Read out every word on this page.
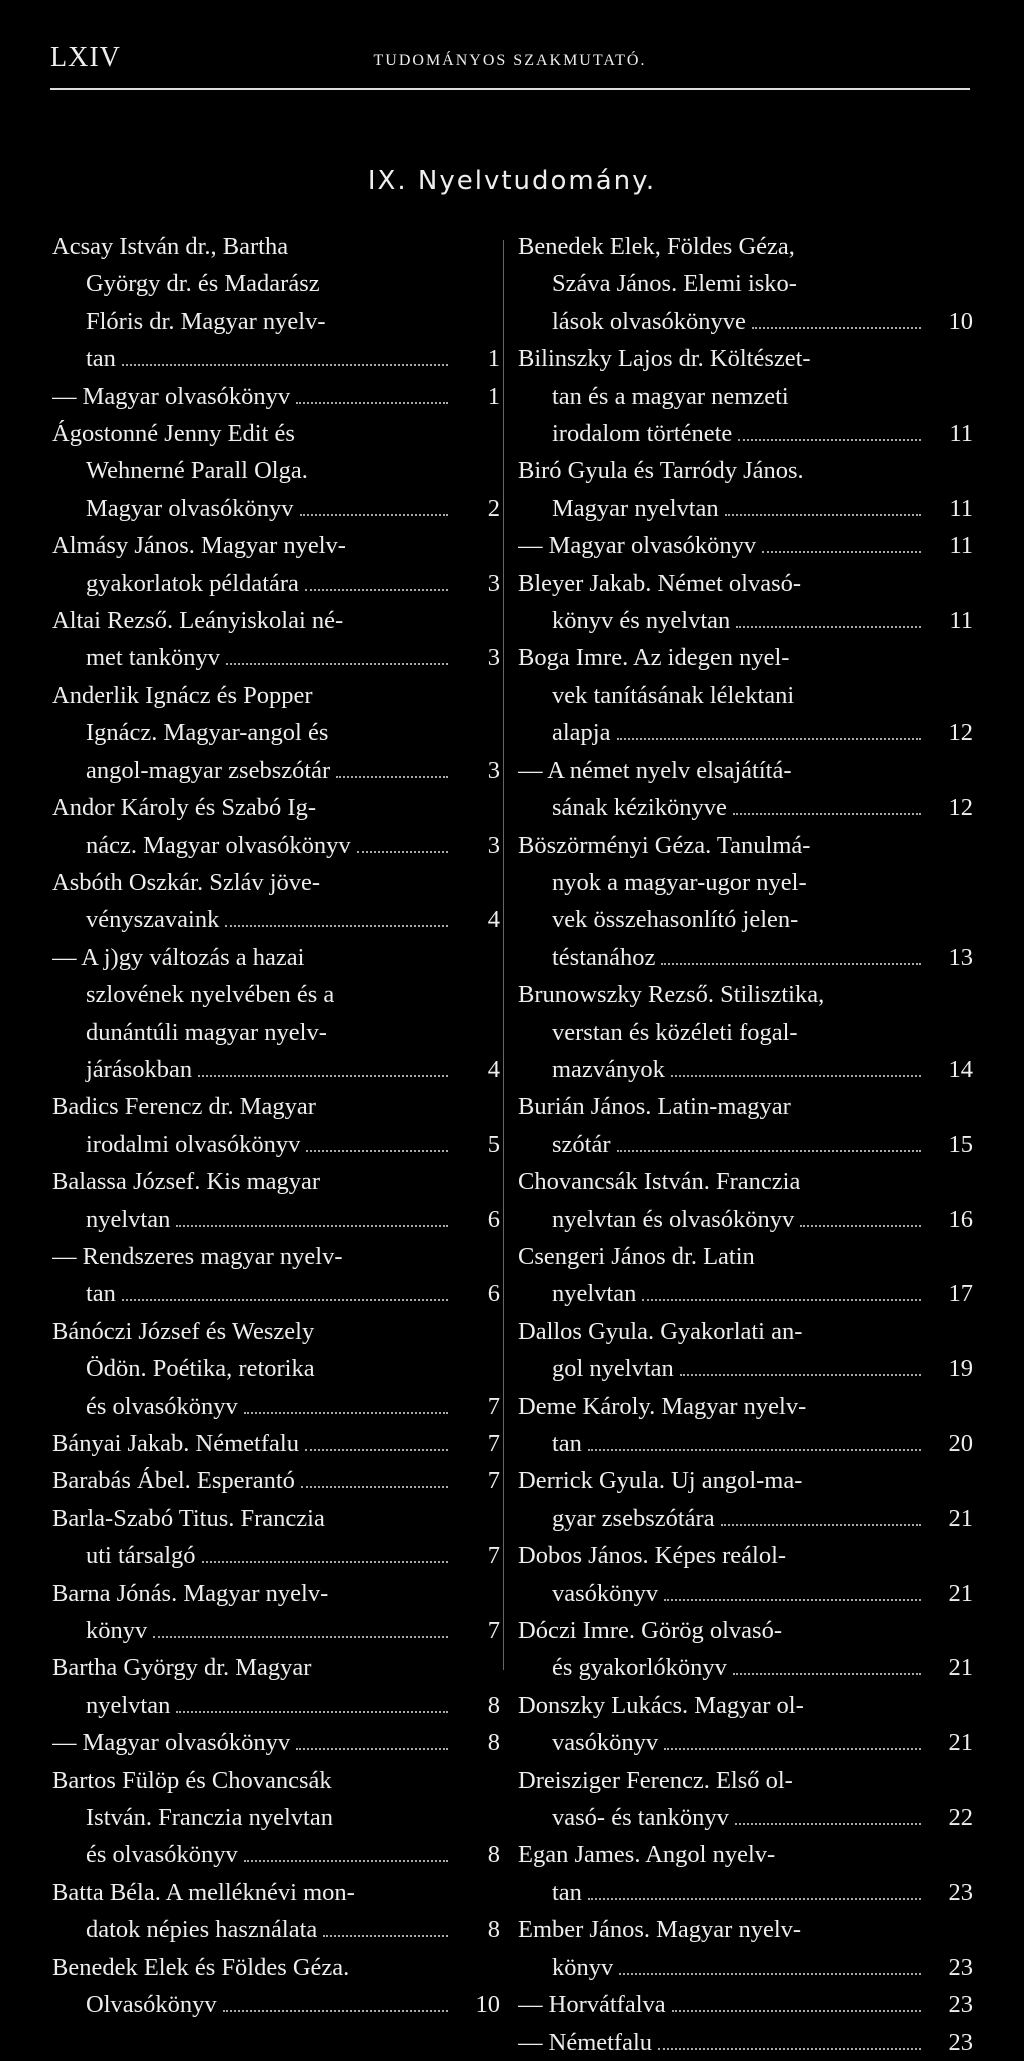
LXIV	TUDOMÁNYOS SZAKMUTATÓ.
IX. Nyelvtudomány.
Acsay István dr., Bartha
György dr. és Madarász
Flóris dr. Magyar nyelv-
tan	1
— Magyar olvasókönyv	1
Ágostonné Jenny Edit és
Wehnerné Parall Olga.
Magyar olvasókönyv	2
Almásy János. Magyar nyelv-
gyakorlatok példatára	3
Altai Rezső. Leányiskolai né-
met tankönyv	3
Anderlik Ignácz és Popper
Ignácz. Magyar-angol és
angol-magyar zsebszótár	3
Andor Károly és Szabó Ig-
nácz. Magyar olvasókönyv	3
Asbóth Oszkár. Szláv jöve-
vényszavaink	4
— A j)gy változás a hazai
szlovének nyelvében és a
dunántúli magyar nyelv-
járásokban	4
Badics Ferencz dr. Magyar
irodalmi olvasókönyv	5
Balassa József. Kis magyar
nyelvtan	6
— Rendszeres magyar nyelv-
tan	6
Bánóczi József és Weszely
Ödön. Poétika, retorika
és olvasókönyv	7
Bányai Jakab. Németfalu	7
Barabás Ábel. Esperantó	7
Barla-Szabó Titus. Franczia
uti társalgó	7
Barna Jónás. Magyar nyelv-
könyv	7
Bartha György dr. Magyar
nyelvtan	8
— Magyar olvasókönyv	8
Bartos Fülöp és Chovancsák
István. Franczia nyelvtan
és olvasókönyv	8
Batta Béla. A melléknévi mon-
datok népies használata	8
Benedek Elek és Földes Géza.
Olvasókönyv	10
Benedek Elek, Földes Géza,
Száva János. Elemi isko-
lások olvasókönyve	10
Bilinszky Lajos dr. Költészet-
tan és a magyar nemzeti
irodalom története	11
Biró Gyula és Tarródy János.
Magyar nyelvtan	11
— Magyar olvasókönyv	11
Bleyer Jakab. Német olvasó-
könyv és nyelvtan	11
Boga Imre. Az idegen nyel-
vek tanításának lélektani
alapja	12
— A német nyelv elsajátítá-
sának kézikönyve	12
Böszörményi Géza. Tanulmá-
nyok a magyar-ugor nyel-
vek összehasonlító jelen-
téstanához	13
Brunowszky Rezső. Stilisztika,
verstan és közéleti fogal-
mazványok	14
Burián János. Latin-magyar
szótár	15
Chovancsák István. Franczia
nyelvtan és olvasókönyv	16
Csengeri János dr. Latin
nyelvtan	17
Dallos Gyula. Gyakorlati an-
gol nyelvtan	19
Deme Károly. Magyar nyelv-
tan	20
Derrick Gyula. Uj angol-ma-
gyar zsebszótára	21
Dobos János. Képes reálol-
vasókönyv	21
Dóczi Imre. Görög olvasó-
és gyakorlókönyv	21
Donszky Lukács. Magyar ol-
vasókönyv	21
Dreisziger Ferencz. Első ol-
vasó- és tankönyv	22
Egan James. Angol nyelv-
tan	23
Ember János. Magyar nyelv-
könyv	23
— Horvátfalva	23
— Németfalu	23
